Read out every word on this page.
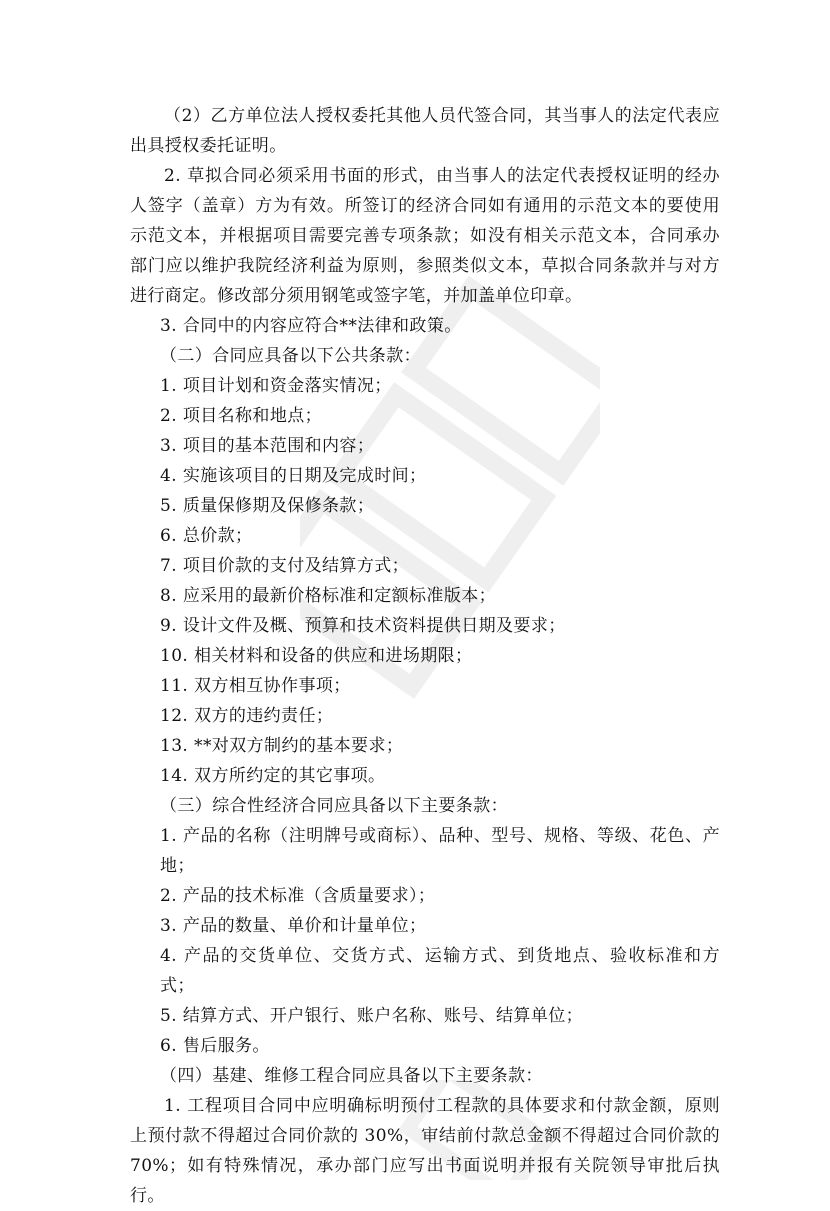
（2）乙方单位法人授权委托其他人员代签合同，其当事人的法定代表应出具授权委托证明。

2. 草拟合同必须采用书面的形式，由当事人的法定代表授权证明的经办人签字（盖章）方为有效。所签订的经济合同如有通用的示范文本的要使用示范文本，并根据项目需要完善专项条款；如没有相关示范文本，合同承办部门应以维护我院经济利益为原则，参照类似文本，草拟合同条款并与对方进行商定。修改部分须用钢笔或签字笔，并加盖单位印章。

3. 合同中的内容应符合**法律和政策。

（二）合同应具备以下公共条款：

1. 项目计划和资金落实情况；

2. 项目名称和地点；

3. 项目的基本范围和内容；

4. 实施该项目的日期及完成时间；

5. 质量保修期及保修条款；

6. 总价款；

7. 项目价款的支付及结算方式；

8. 应采用的最新价格标准和定额标准版本；

9. 设计文件及概、预算和技术资料提供日期及要求；

10. 相关材料和设备的供应和进场期限；

11. 双方相互协作事项；

12. 双方的违约责任；

13. **对双方制约的基本要求；

14. 双方所约定的其它事项。

（三）综合性经济合同应具备以下主要条款：

1. 产品的名称（注明牌号或商标）、品种、型号、规格、等级、花色、产地；

2. 产品的技术标准（含质量要求）；

3. 产品的数量、单价和计量单位；

4. 产品的交货单位、交货方式、运输方式、到货地点、验收标准和方式；

5. 结算方式、开户银行、账户名称、账号、结算单位；

6. 售后服务。

（四）基建、维修工程合同应具备以下主要条款：

1. 工程项目合同中应明确标明预付工程款的具体要求和付款金额，原则上预付款不得超过合同价款的 30%，审结前付款总金额不得超过合同价款的 70%；如有特殊情况，承办部门应写出书面说明并报有关院领导审批后执行。
